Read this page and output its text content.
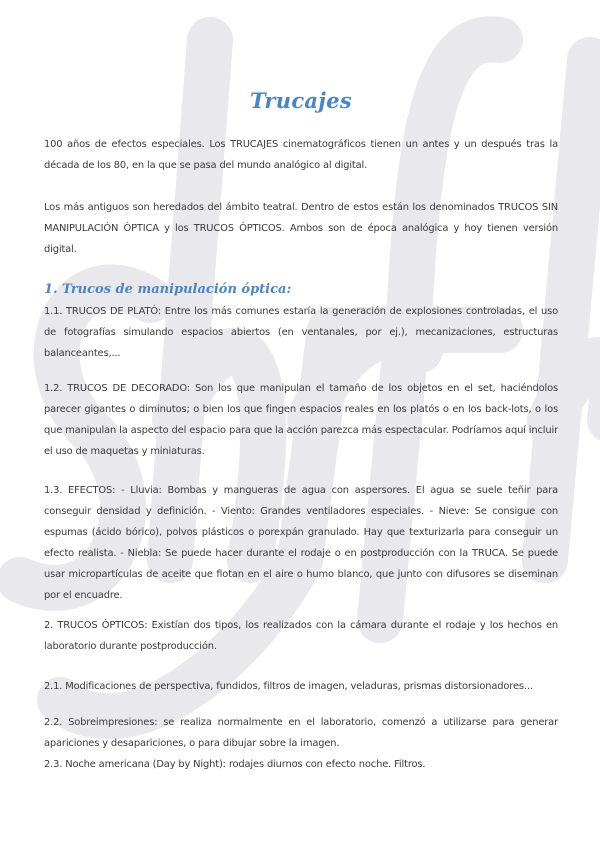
Trucajes

100 años de efectos especiales. Los TRUCAJES cinematográficos tienen un antes y un después tras la década de los 80, en la que se pasa del mundo analógico al digital.

Los más antiguos son heredados del ámbito teatral. Dentro de estos están los denominados TRUCOS SIN MANIPULACIÓN ÓPTICA y los TRUCOS ÓPTICOS. Ambos son de época analógica y hoy tienen versión digital.

1. Trucos de manipulación óptica:

1.1. TRUCOS DE PLATÓ: Entre los más comunes estaría la generación de explosiones controladas, el uso de fotografías simulando espacios abiertos (en ventanales, por ej.), mecanizaciones, estructuras balanceantes,...

1.2. TRUCOS DE DECORADO: Son los que manipulan el tamaño de los objetos en el set, haciéndolos parecer gigantes o diminutos; o bien los que fingen espacios reales en los platós o en los back-lots, o los que manipulan la aspecto del espacio para que la acción parezca más espectacular. Podríamos aquí incluir el uso de maquetas y miniaturas.

1.3. EFECTOS: - Lluvia: Bombas y mangueras de agua con aspersores. El agua se suele teñir para conseguir densidad y definición. - Viento: Grandes ventiladores especiales. - Nieve: Se consigue con espumas (ácido bórico), polvos plásticos o porexpán granulado. Hay que texturizarla para conseguir un efecto realista. - Niebla: Se puede hacer durante el rodaje o en postproducción con la TRUCA. Se puede usar micropartículas de aceite que flotan en el aire o humo blanco, que junto con difusores se diseminan por el encuadre.

2. TRUCOS ÓPTICOS: Existían dos tipos, los realizados con la cámara durante el rodaje y los hechos en laboratorio durante postproducción.

2.1. Modificaciones de perspectiva, fundidos, filtros de imagen, veladuras, prismas distorsionadores...

2.2. Sobreimpresiones: se realiza normalmente en el laboratorio, comenzó a utilizarse para generar apariciones y desapariciones, o para dibujar sobre la imagen.

2.3. Noche americana (Day by Night): rodajes diurnos con efecto noche. Filtros.
